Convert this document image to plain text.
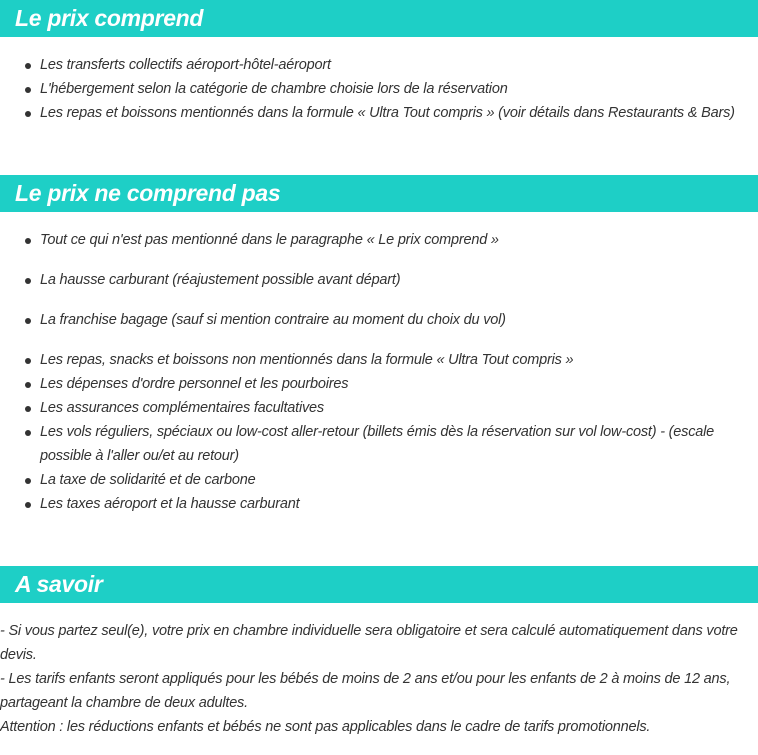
Le prix comprend
Les transferts collectifs aéroport-hôtel-aéroport
L'hébergement selon la catégorie de chambre choisie lors de la réservation
Les repas et boissons mentionnés dans la formule « Ultra Tout compris » (voir détails dans Restaurants & Bars)
Le prix ne comprend pas
Tout ce qui n'est pas mentionné dans le paragraphe « Le prix comprend »
La hausse carburant (réajustement possible avant départ)
La franchise bagage (sauf si mention contraire au moment du choix du vol)
Les repas, snacks et boissons non mentionnés dans la formule « Ultra Tout compris »
Les dépenses d'ordre personnel et les pourboires
Les assurances complémentaires facultatives
Les vols réguliers, spéciaux ou low-cost aller-retour (billets émis dès la réservation sur vol low-cost) - (escale possible à l'aller ou/et au retour)
La taxe de solidarité et de carbone
Les taxes aéroport et la hausse carburant
A savoir
- Si vous partez seul(e), votre prix en chambre individuelle sera obligatoire et sera calculé automatiquement dans votre devis.
- Les tarifs enfants seront appliqués pour les bébés de moins de 2 ans et/ou pour les enfants de 2 à moins de 12 ans, partageant la chambre de deux adultes.
Attention : les réductions enfants et bébés ne sont pas applicables dans le cadre de tarifs promotionnels.
